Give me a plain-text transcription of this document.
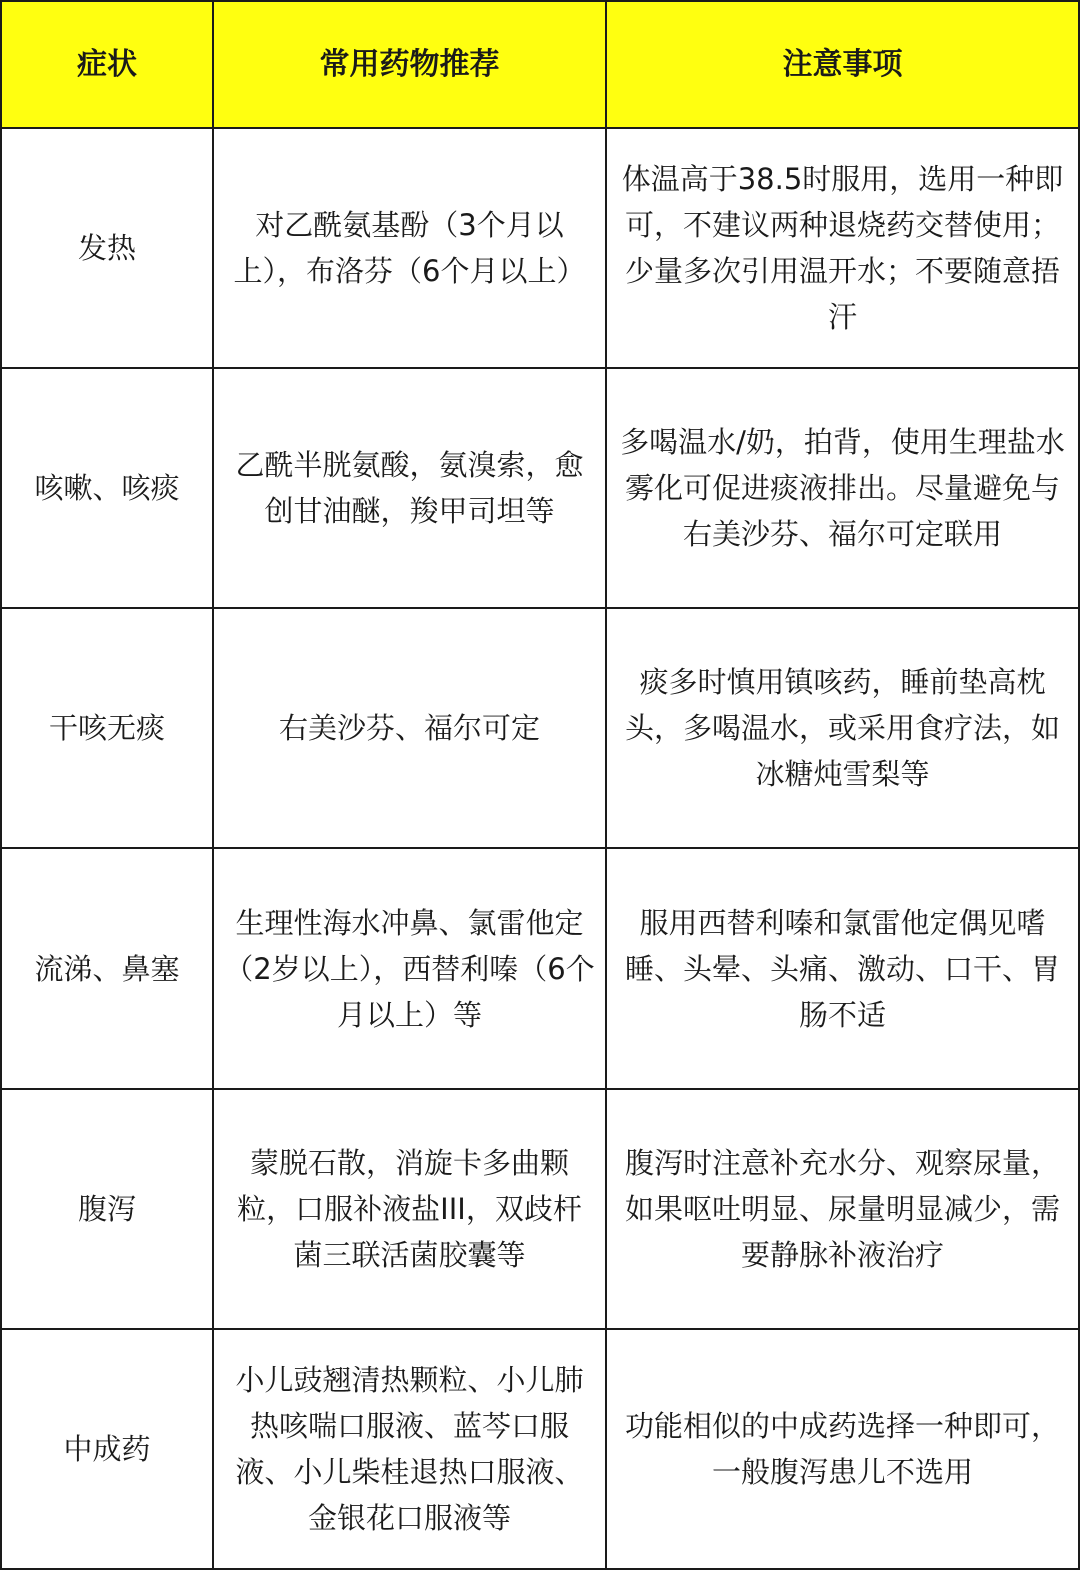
症状	常用药物推荐	注意事项
发热	对乙酰氨基酚（3个月以上），布洛芬（6个月以上）	体温高于38.5时服用，选用一种即可，不建议两种退烧药交替使用；少量多次引用温开水；不要随意捂汗
咳嗽、咳痰	乙酰半胱氨酸，氨溴索，愈创甘油醚，羧甲司坦等	多喝温水/奶，拍背，使用生理盐水雾化可促进痰液排出。尽量避免与右美沙芬、福尔可定联用
干咳无痰	右美沙芬、福尔可定	痰多时慎用镇咳药，睡前垫高枕头，多喝温水，或采用食疗法，如冰糖炖雪梨等
流涕、鼻塞	生理性海水冲鼻、氯雷他定（2岁以上），西替利嗪（6个月以上）等	服用西替利嗪和氯雷他定偶见嗜睡、头晕、头痛、激动、口干、胃肠不适
腹泻	蒙脱石散，消旋卡多曲颗粒，口服补液盐III，双歧杆菌三联活菌胶囊等	腹泻时注意补充水分、观察尿量，如果呕吐明显、尿量明显减少，需要静脉补液治疗
中成药	小儿豉翘清热颗粒、小儿肺热咳喘口服液、蓝芩口服液、小儿柴桂退热口服液、金银花口服液等	功能相似的中成药选择一种即可，一般腹泻患儿不选用
